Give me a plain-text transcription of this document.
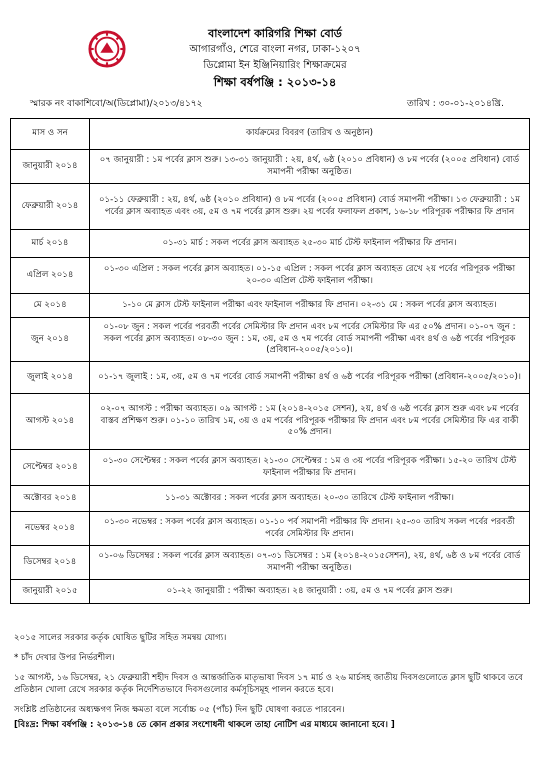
বাংলাদেশ কারিগরি শিক্ষা বোর্ড
আগারগাঁও, শেরে বাংলা নগর, ঢাকা-১২০৭
ডিপ্লোমা ইন ইঞ্জিনিয়ারিং শিক্ষাক্রমের
শিক্ষা বর্ষপঞ্জি : ২০১৩-১৪
স্মারক নং বাকাশিবো/অ(ডিপ্লোমা)/২০১৩/৪১৭২	তারিখ : ৩০-০১-২০১৪খ্রি.
মাস ও সন	কার্যক্রমের বিবরণ (তারিখ ও অনুষ্ঠান)
জানুয়ারী ২০১৪	০৭ জানুয়ারী : ১ম পর্বের ক্লাস শুরু। ১৩-৩১ জানুয়ারী : ২য়, ৪র্থ, ৬ষ্ঠ (২০১০ প্রবিধান) ও ৮ম পর্বের (২০০৫ প্রবিধান) বোর্ড সমাপনী পরীক্ষা অনুষ্ঠিত।
ফেব্রুয়ারী ২০১৪	০১-১১ ফেব্রুয়ারী : ২য়, ৪র্থ, ৬ষ্ঠ (২০১০ প্রবিধান) ও ৮ম পর্বের (২০০৫ প্রবিধান) বোর্ড সমাপনী পরীক্ষা। ১৩ ফেব্রুয়ারী : ১ম পর্বের ক্লাস অব্যাহত এবং ৩য়, ৫ম ও ৭ম পর্বের ক্লাস শুরু। ২য় পর্বের ফলাফল প্রকাশ, ১৬-১৮ পরিপূরক পরীক্ষার ফি প্রদান
মার্চ ২০১৪	০১-৩১ মার্চ : সকল পর্বের ক্লাস অব্যাহত ২৫-৩০ মার্চ টেস্ট ফাইনাল পরীক্ষার ফি প্রদান।
এপ্রিল ২০১৪	০১-৩০ এপ্রিল : সকল পর্বের ক্লাস অব্যাহত। ০১-১৫ এপ্রিল : সকল পর্বের ক্লাস অব্যাহত রেখে ২য় পর্বের পরিপূরক পরীক্ষা ২০-৩০ এপ্রিল টেস্ট ফাইনাল পরীক্ষা।
মে ২০১৪	১-১০ মে ক্লাস টেস্ট ফাইনাল পরীক্ষা এবং ফাইনাল পরীক্ষার ফি প্রদান। ০২-৩১ মে : সকল পর্বের ক্লাস অব্যাহত।
জুন ২০১৪	০১-০৮ জুন : সকল পর্বের পরবর্তী পর্বের সেমিস্টার ফি প্রদান এবং ৮ম পর্বের সেমিস্টার ফি এর ৫০% প্রদান। ০১-০৭ জুন : সকল পর্বের ক্লাস অব্যাহত। ০৮-৩০ জুন : ১ম, ৩য়, ৫ম ও ৭ম পর্বের বোর্ড সমাপনী পরীক্ষা এবং ৪র্থ ও ৬ষ্ঠ পর্বের পরিপূরক (প্রবিধান-২০০৫/২০১০)।
জুলাই ২০১৪	০১-১৭ জুলাই : ১ম, ৩য়, ৫ম ও ৭ম পর্বের বোর্ড সমাপনী পরীক্ষা ৪র্থ ও ৬ষ্ঠ পর্বের পরিপূরক পরীক্ষা (প্রবিধান-২০০৫/২০১০)।
আগস্ট ২০১৪	০২-০৭ আগস্ট : পরীক্ষা অব্যাহত। ০৯ আগস্ট : ১ম (২০১৪-২০১৫ সেশন), ২য়, ৪র্থ ও ৬ষ্ঠ পর্বের ক্লাস শুরু এবং ৮ম পর্বের বাস্তব প্রশিক্ষণ শুরু। ০১-১০ তারিখ ১ম, ৩য় ও ৫ম পর্বের পরিপূরক পরীক্ষার ফি প্রদান এবং ৮ম পর্বের সেমিস্টার ফি এর বাকী ৫০% প্রদান।
সেপ্টেম্বর ২০১৪	০১-৩০ সেপ্টেম্বর : সকল পর্বের ক্লাস অব্যাহত। ২১-৩০ সেপ্টেম্বর : ১ম ও ৩য় পর্বের পরিপূরক পরীক্ষা। ১৫-২০ তারিখ টেস্ট ফাইনাল পরীক্ষার ফি প্রদান।
অক্টোবর ২০১৪	১১-৩১ অক্টোবর : সকল পর্বের ক্লাস অব্যাহত। ২০-৩০ তারিখে টেস্ট ফাইনাল পরীক্ষা।
নভেম্বর ২০১৪	০১-৩০ নভেম্বর : সকল পর্বের ক্লাস অব্যাহত। ০১-১০ পর্ব সমাপনী পরীক্ষার ফি প্রদান। ২৫-৩০ তারিখ সকল পর্বের পরবর্তী পর্বের সেমিস্টার ফি প্রদান।
ডিসেম্বর ২০১৪	০১-০৬ ডিসেম্বর : সকল পর্বের ক্লাস অব্যাহত। ০৭-৩১ ডিসেম্বর : ১ম (২০১৪-২০১৫সেশন), ২য়, ৪র্থ, ৬ষ্ঠ ও ৮ম পর্বের বোর্ড সমাপনী পরীক্ষা অনুষ্ঠিত।
জানুয়ারী ২০১৫	০১-২২ জানুয়ারী : পরীক্ষা অব্যাহত। ২৪ জানুয়ারী : ৩য়, ৫ম ও ৭ম পর্বের ক্লাস শুরু।

২০১৫ সালের সরকার কর্তৃক ঘোষিত ছুটির সহিত সমন্বয় যোগ্য।

* চাঁদ দেখার উপর নির্ভরশীল।

১৫ আগস্ট, ১৬ ডিসেম্বর, ২১ ফেব্রুয়ারী শহীদ দিবস ও আন্তর্জাতিক মাতৃভাষা দিবস ১৭ মার্চ ও ২৬ মার্চসহ জাতীয় দিবসগুলোতে ক্লাস ছুটি থাকবে তবে প্রতিষ্ঠান খোলা রেখে সরকার কর্তৃক নির্দেশিতভাবে দিবসগুলোর কর্মসূচিসমূহ পালন করতে হবে।

সংশ্লিষ্ট প্রতিষ্ঠানের অধ্যক্ষগণ নিজ ক্ষমতা বলে সর্বোচ্চ ০৫ (পাঁচ) দিন ছুটি ঘোষণা করতে পারবেন।

[বিঃদ্র: শিক্ষা বর্ষপঞ্জি : ২০১৩-১৪ তে কোন প্রকার সংশোধনী থাকলে তাহা নোটিশ এর মাধ্যমে জানানো হবে। ]
